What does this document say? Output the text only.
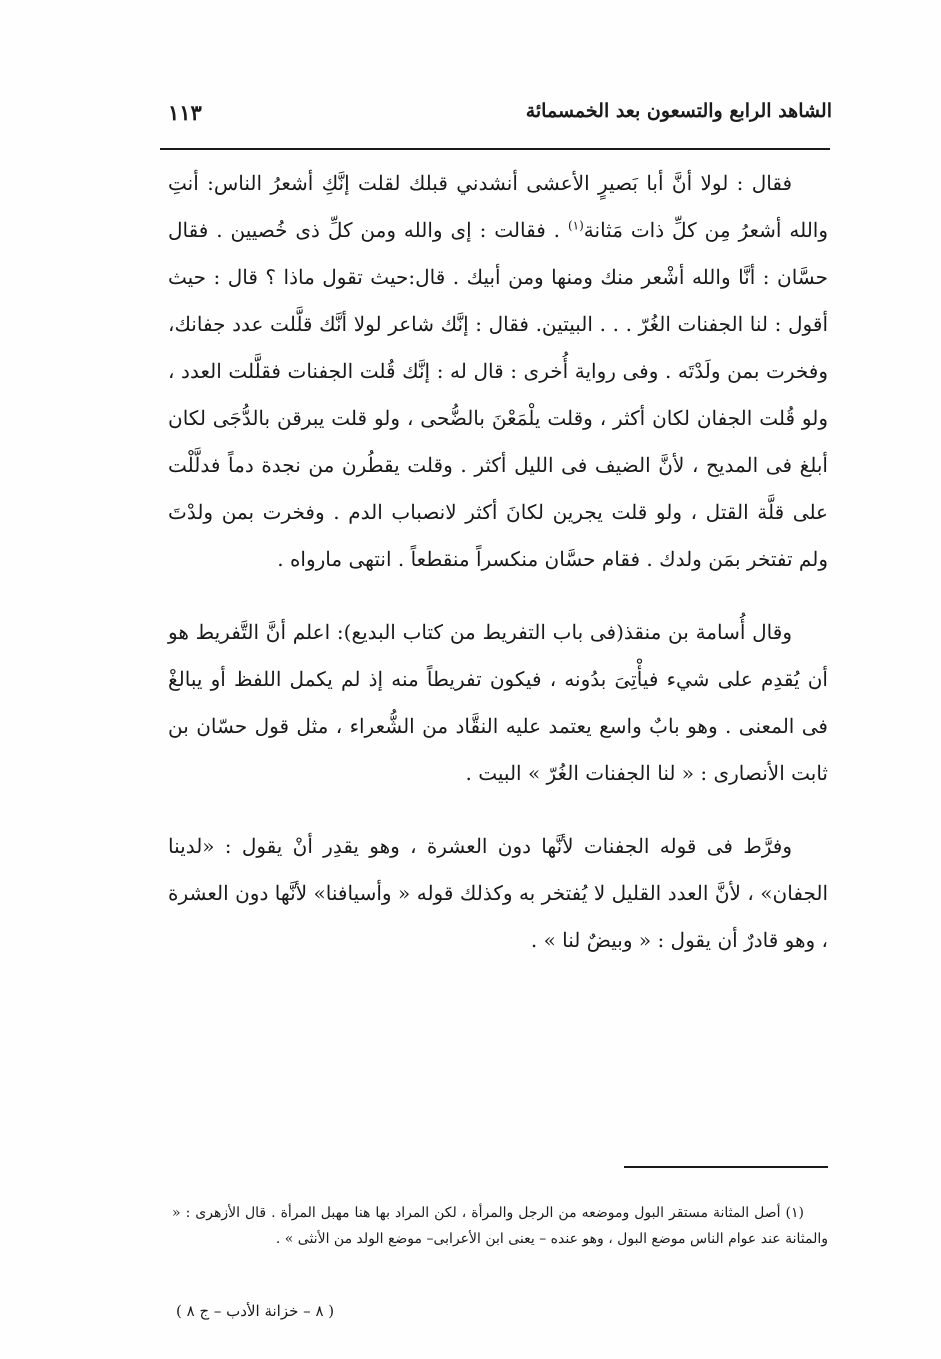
الشاهد الرابع والتسعون بعد الخمسمائة
١١٣

فقال : لولا أنَّ أبا بَصيرٍ الأعشى أنشدني قبلك لقلت إنَّكِ أشعرُ الناس: أنتِ والله أشعرُ مِن كلِّ ذات مَثانة$^{(١)}$ . فقالت : إى والله ومن كلِّ ذى خُصيين . فقال حسَّان : أنَّا والله أشْعر منك ومنها ومن أبيك . قال:حيث تقول ماذا ؟ قال : حيث أقول : لنا الجفنات الغُرّ . . . البيتين. فقال : إنَّك شاعر لولا أنَّك قلَّلت عدد جفانك، وفخرت بمن ولَدْتَه . وفى رواية أُخرى : قال له : إنَّك قُلت الجفنات فقلَّلت العدد ، ولو قُلت الجفان لكان أكثر ، وقلت يلْمَعْنَ بالضُّحى ، ولو قلت يبرقن بالدُّجَى لكان أبلغ فى المديح ، لأنَّ الضيف فى الليل أكثر . وقلت يقطُرن من نجدة دماً فدلَّلْت على قلَّة القتل ، ولو قلت يجرين لكانَ أكثر لانصباب الدم . وفخرت بمن ولدْتَ ولم تفتخر بمَن ولدك . فقام حسَّان منكسراً منقطعاً . انتهى مارواه .

وقال أُسامة بن منقذ(فى باب التفريط من كتاب البديع): اعلم أنَّ التَّفريط هو أن يُقدِم على شيء فيأْتِىَ بدُونه ، فيكون تفريطاً منه إذ لم يكمل اللفظ أو يبالغْ فى المعنى . وهو بابٌ واسع يعتمد عليه النقَّاد من الشُّعراء ، مثل قول حسّان بن ثابت الأنصارى : « لنا الجفنات الغُرّ » البيت .

وفرَّط فى قوله الجفنات لأنَّها دون العشرة ، وهو يقدِر أنْ يقول : «لدينا الجفان» ، لأنَّ العدد القليل لا يُفتخر به وكذلك قوله « وأسيافنا» لأنَّها دون العشرة ، وهو قادرٌ أن يقول : « وبيضٌ لنا » .

(١) أصل المثانة مستقر البول وموضعه من الرجل والمرأة ، لكن المراد بها هنا مهبل المرأة . قال الأزهرى : « والمثانة عند عوام الناس موضع البول ، وهو عنده – يعنى ابن الأعرابى– موضع الولد من الأنثى » .

( ٨ – خزانة الأدب – ج ٨ )
